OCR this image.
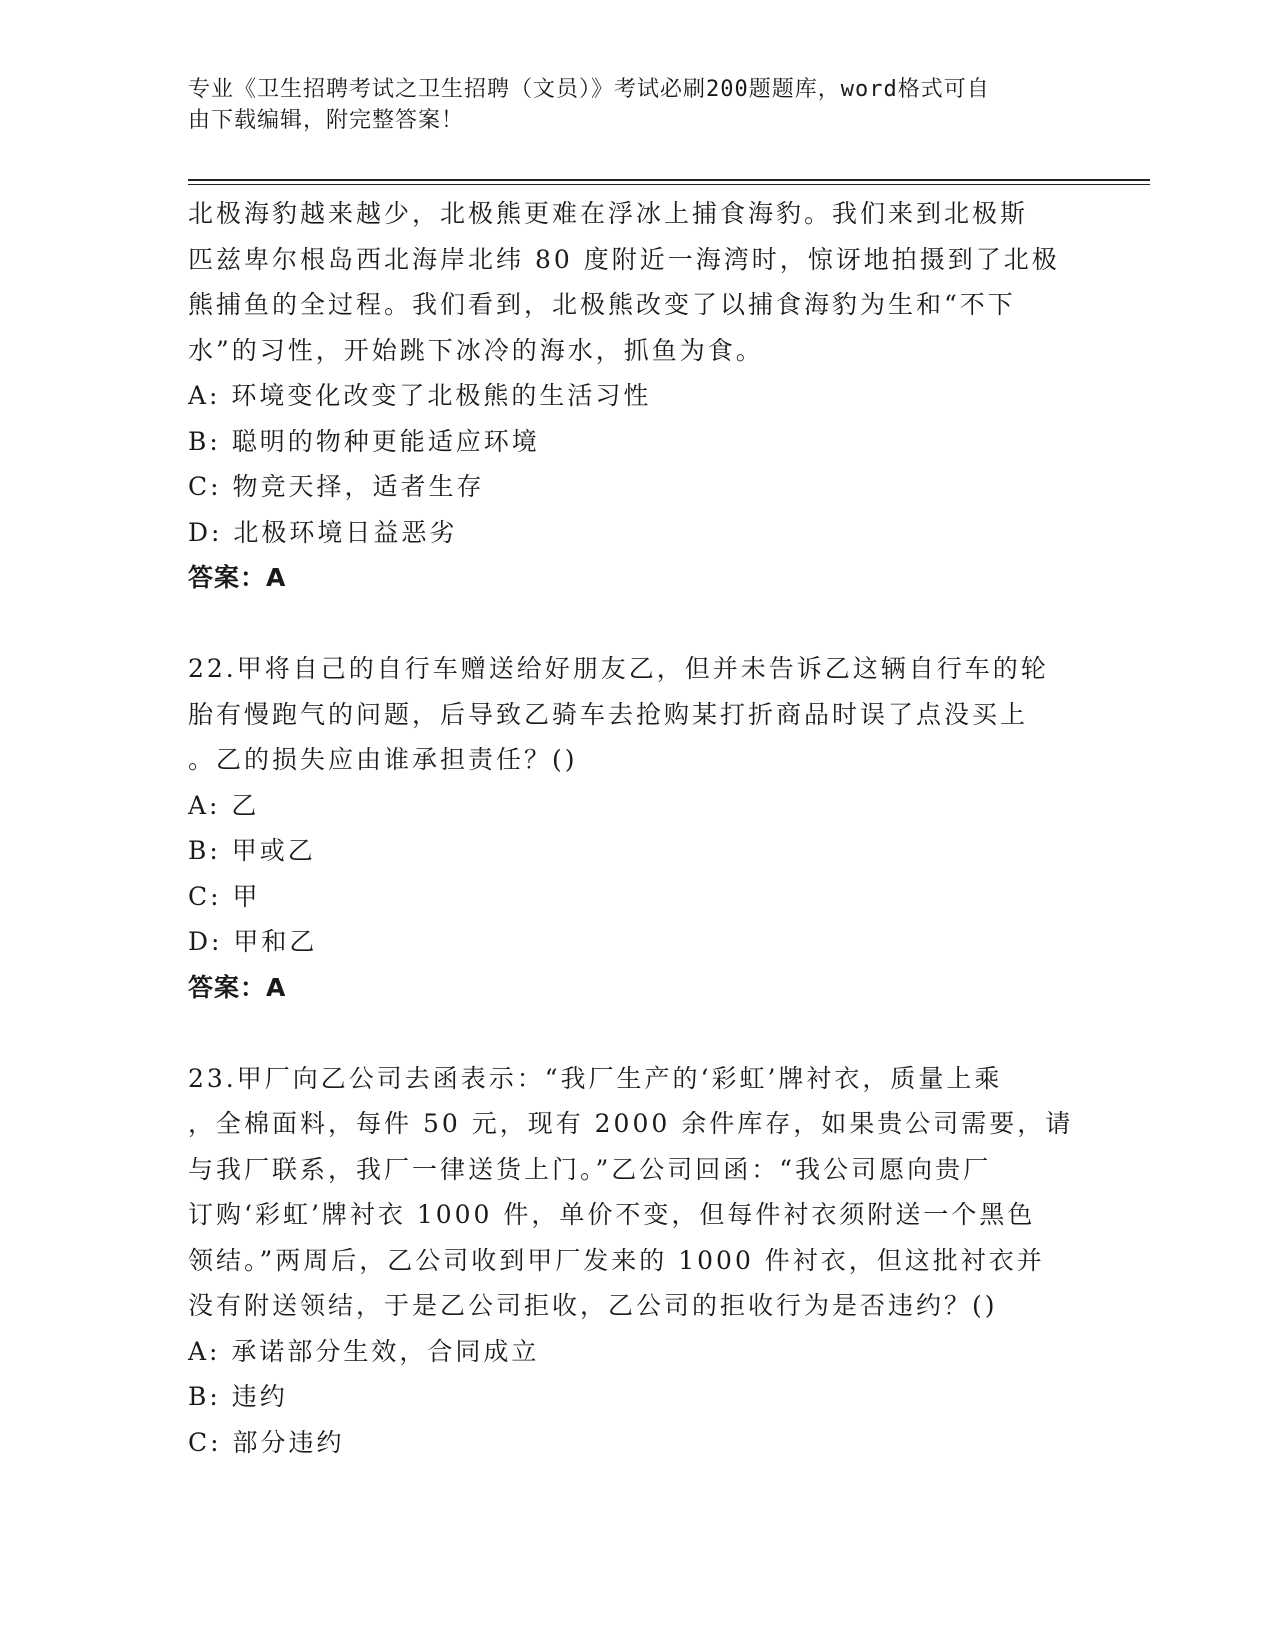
专业《卫生招聘考试之卫生招聘（文员）》考试必刷200题题库，word格式可自
由下载编辑，附完整答案！

北极海豹越来越少，北极熊更难在浮冰上捕食海豹。我们来到北极斯
匹兹卑尔根岛西北海岸北纬 80 度附近一海湾时，惊讶地拍摄到了北极
熊捕鱼的全过程。我们看到，北极熊改变了以捕食海豹为生和“不下
水”的习性，开始跳下冰冷的海水，抓鱼为食。

A: 环境变化改变了北极熊的生活习性

B: 聪明的物种更能适应环境

C: 物竞天择，适者生存

D: 北极环境日益恶劣

答案：A

22.甲将自己的自行车赠送给好朋友乙，但并未告诉乙这辆自行车的轮
胎有慢跑气的问题，后导致乙骑车去抢购某打折商品时误了点没买上
。乙的损失应由谁承担责任？()

A: 乙

B: 甲或乙

C: 甲

D: 甲和乙

答案：A

23.甲厂向乙公司去函表示：“我厂生产的‘彩虹’牌衬衣，质量上乘
，全棉面料，每件 50 元，现有 2000 余件库存，如果贵公司需要，请
与我厂联系，我厂一律送货上门。”乙公司回函：“我公司愿向贵厂
订购‘彩虹’牌衬衣 1000 件，单价不变，但每件衬衣须附送一个黑色
领结。”两周后，乙公司收到甲厂发来的 1000 件衬衣，但这批衬衣并
没有附送领结，于是乙公司拒收，乙公司的拒收行为是否违约？()

A: 承诺部分生效，合同成立

B: 违约

C: 部分违约
